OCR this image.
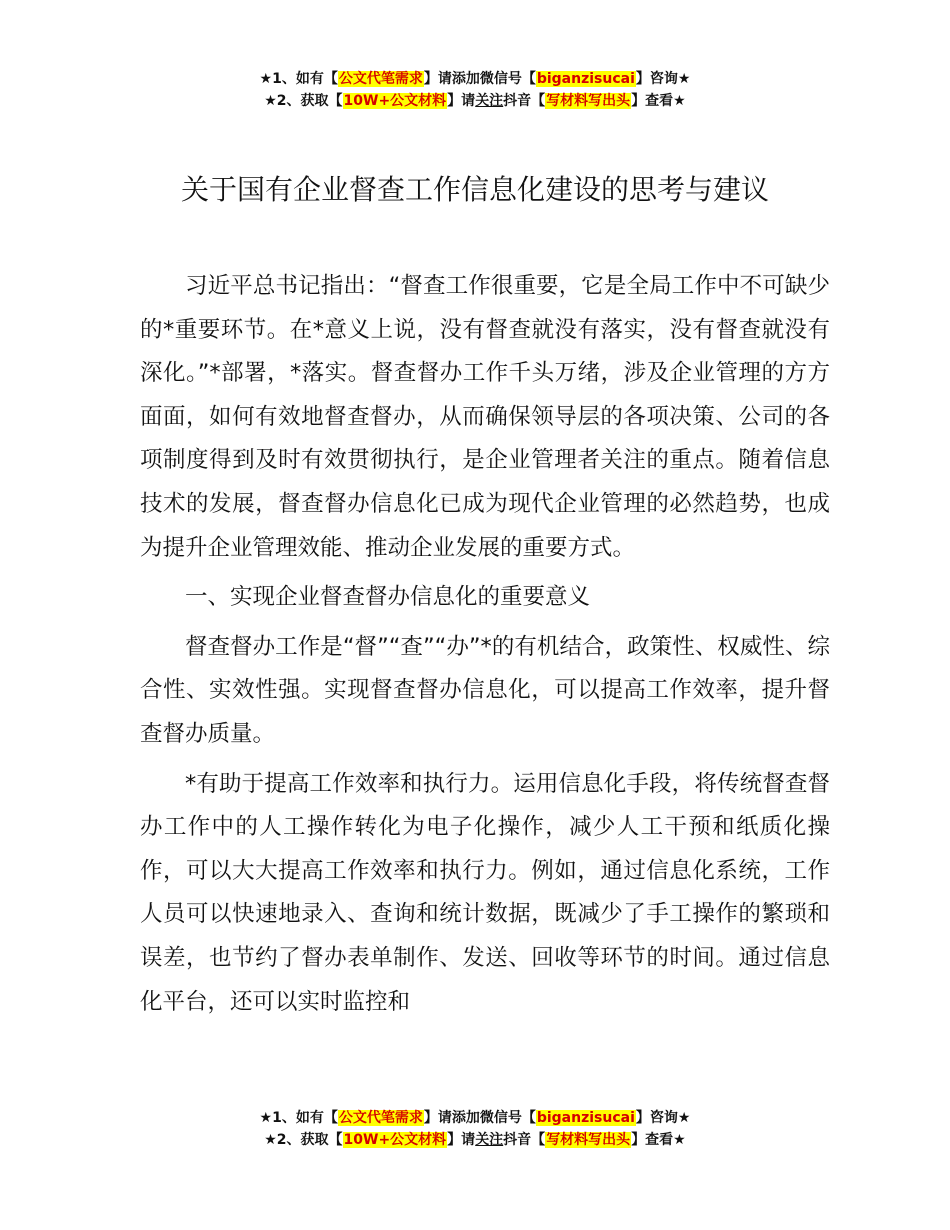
★1、如有【公文代笔需求】请添加微信号【biganzisucai】咨询★
★2、获取【10W+公文材料】请关注抖音【写材料写出头】查看★
关于国有企业督查工作信息化建设的思考与建议

习近平总书记指出：“督查工作很重要，它是全局工作中不可缺少的*重要环节。在*意义上说，没有督查就没有落实，没有督查就没有深化。”*部署，*落实。督查督办工作千头万绪，涉及企业管理的方方面面，如何有效地督查督办，从而确保领导层的各项决策、公司的各项制度得到及时有效贯彻执行，是企业管理者关注的重点。随着信息技术的发展，督查督办信息化已成为现代企业管理的必然趋势，也成为提升企业管理效能、推动企业发展的重要方式。

一、实现企业督查督办信息化的重要意义

督查督办工作是“督”“查”“办”*的有机结合，政策性、权威性、综合性、实效性强。实现督查督办信息化，可以提高工作效率，提升督查督办质量。

*有助于提高工作效率和执行力。运用信息化手段，将传统督查督办工作中的人工操作转化为电子化操作，减少人工干预和纸质化操作，可以大大提高工作效率和执行力。例如，通过信息化系统，工作人员可以快速地录入、查询和统计数据，既减少了手工操作的繁琐和误差，也节约了督办表单制作、发送、回收等环节的时间。通过信息化平台，还可以实时监控和

★1、如有【公文代笔需求】请添加微信号【biganzisucai】咨询★
★2、获取【10W+公文材料】请关注抖音【写材料写出头】查看★
